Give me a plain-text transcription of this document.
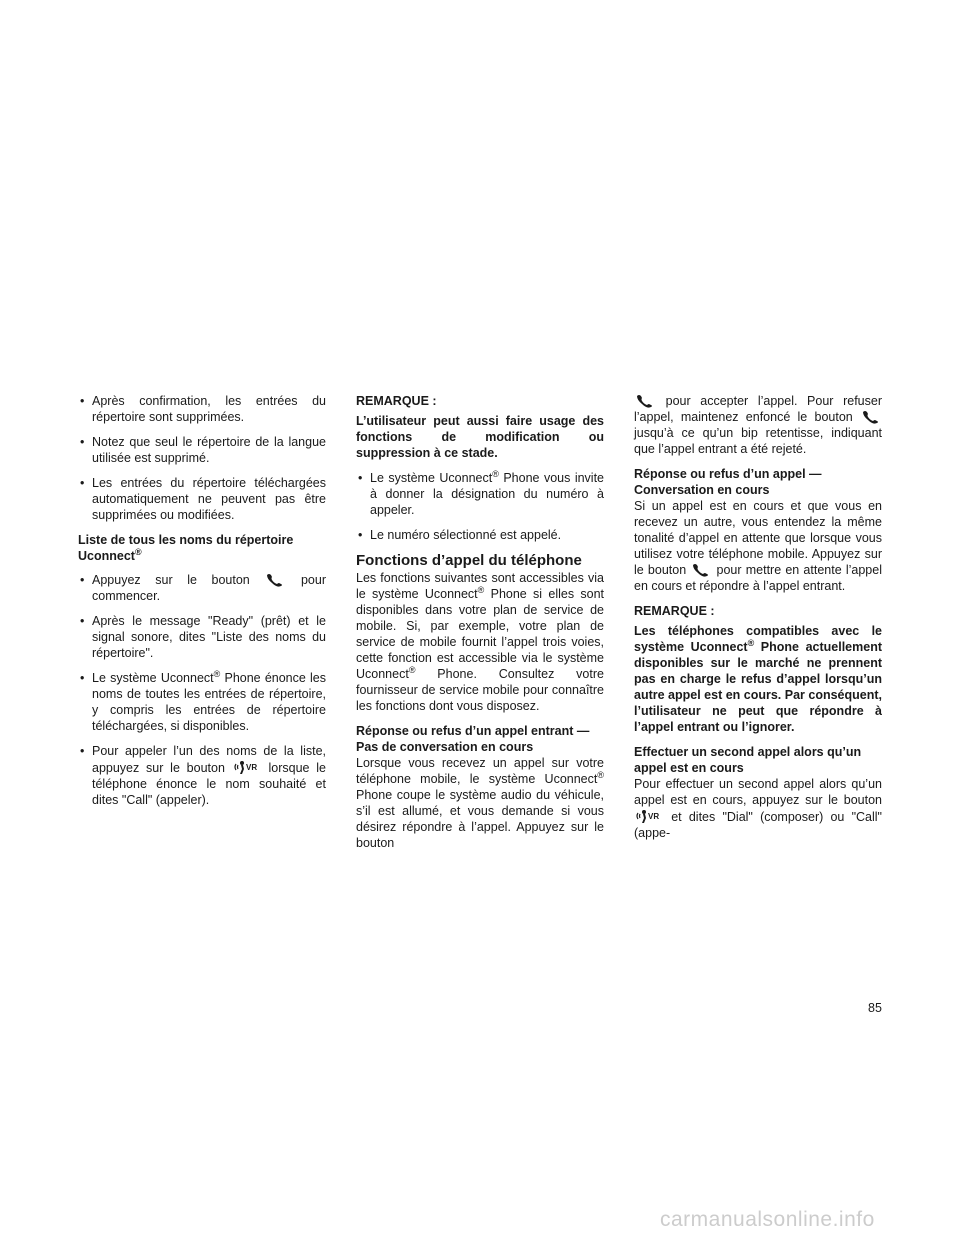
• Après confirmation, les entrées du répertoire sont supprimées.
• Notez que seul le répertoire de la langue utilisée est supprimé.
• Les entrées du répertoire téléchargées automatiquement ne peuvent pas être supprimées ou modifiées.
Liste de tous les noms du répertoire
Uconnect®
• Appuyez sur le bouton	pour commencer.
• Après le message "Ready" (prêt) et le signal sonore, dites "Liste des noms du répertoire".
• Le système Uconnect® Phone énonce les noms de toutes les entrées de répertoire, y compris les entrées de répertoire téléchargées, si disponibles.
• Pour appeler l’un des noms de la liste, appuyez sur le bouton	VR lorsque le téléphone énonce le nom souhaité et dites "Call" (appeler).
REMARQUE :
L’utilisateur peut aussi faire usage des fonctions de modification ou suppression à ce stade.
• Le système Uconnect® Phone vous invite à donner la désignation du numéro à appeler.
• Le numéro sélectionné est appelé.
Fonctions d’appel du téléphone
Les fonctions suivantes sont accessibles via le système Uconnect® Phone si elles sont disponibles dans votre plan de service de mobile. Si, par exemple, votre plan de service de mobile fournit l’appel trois voies, cette fonction est accessible via le système Uconnect® Phone. Consultez votre fournisseur de service mobile pour connaître les fonctions dont vous disposez.
Réponse ou refus d’un appel entrant —
Pas de conversation en cours

Lorsque vous recevez un appel sur votre téléphone mobile, le système Uconnect® Phone coupe le système audio du véhicule, s’il est allumé, et vous demande si vous désirez répondre à l’appel. Appuyez sur le bouton

pour accepter l’appel. Pour refuser l’appel, maintenez enfoncé le bouton  jusqu’à ce qu’un bip retentisse, indiquant que l’appel entrant a été rejeté.

Réponse ou refus d’un appel —
Conversation en cours

Si un appel est en cours et que vous en recevez un autre, vous entendez la même tonalité d’appel en attente que lorsque vous utilisez votre téléphone mobile. Appuyez sur le bouton pour mettre en attente l’appel en cours et répondre à l’appel entrant.

REMARQUE :
Les téléphones compatibles avec le système Uconnect® Phone actuellement disponibles sur le marché ne prennent pas en charge le refus d’appel lorsqu’un autre appel est en cours. Par conséquent, l’utilisateur ne peut que répondre à l’appel entrant ou l’ignorer.
Effectuer un second appel alors qu’un
appel est en cours

Pour effectuer un second appel alors qu’un appel est en cours, appuyez sur le bouton
VR et dites "Dial" (composer) ou "Call" (appe-

85
carmanualsonline.info
